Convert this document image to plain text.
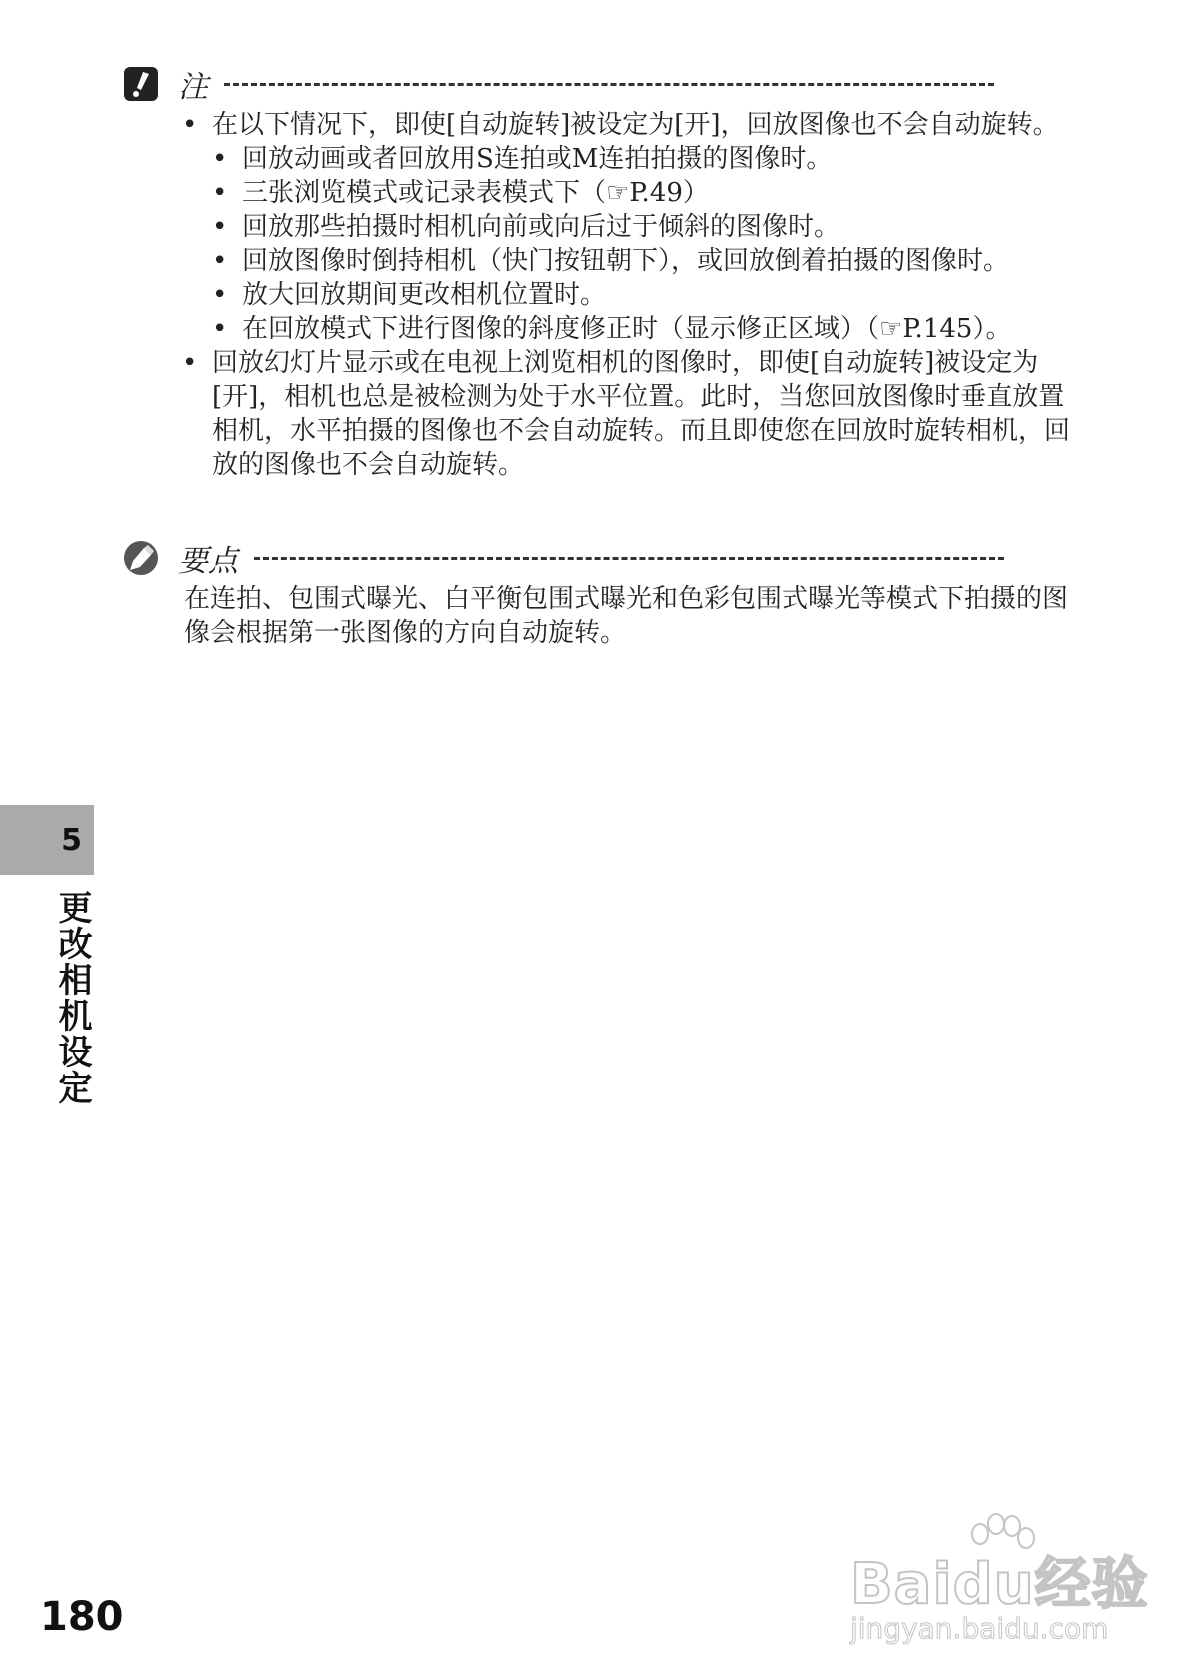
注
• 在以下情况下，即使[自动旋转]被设定为[开]，回放图像也不会自动旋转。
• 回放动画或者回放用S连拍或M连拍拍摄的图像时。
• 三张浏览模式或记录表模式下（☞P.49）
• 回放那些拍摄时相机向前或向后过于倾斜的图像时。
• 回放图像时倒持相机（快门按钮朝下），或回放倒着拍摄的图像时。
• 放大回放期间更改相机位置时。
• 在回放模式下进行图像的斜度修正时（显示修正区域）（☞P.145）。
• 回放幻灯片显示或在电视上浏览相机的图像时，即使[自动旋转]被设定为[开]，相机也总是被检测为处于水平位置。此时，当您回放图像时垂直放置相机，水平拍摄的图像也不会自动旋转。而且即使您在回放时旋转相机，回放的图像也不会自动旋转。
要点
在连拍、包围式曝光、白平衡包围式曝光和色彩包围式曝光等模式下拍摄的图像会根据第一张图像的方向自动旋转。
5
更改相机设定
180	Baidu经验
jingyan.baidu.com
